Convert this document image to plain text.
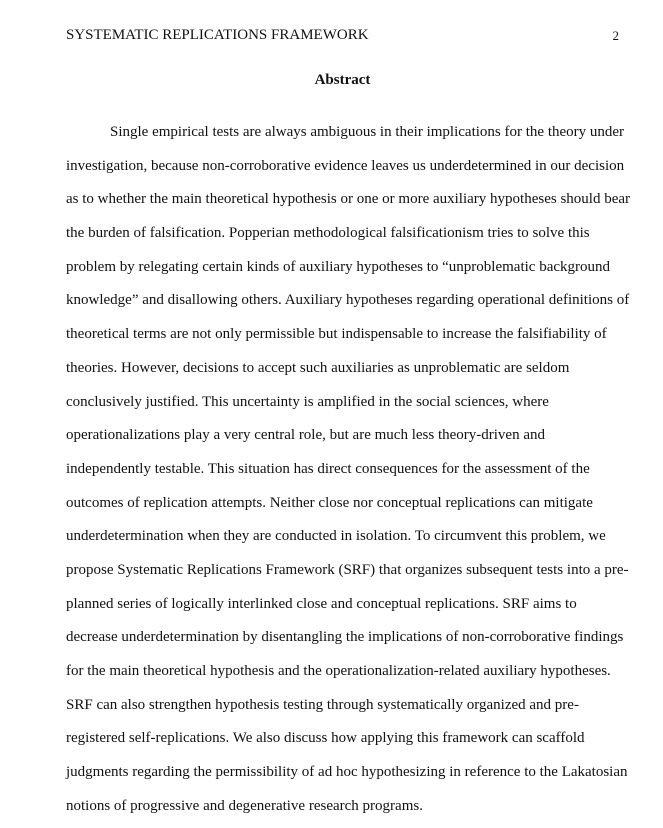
SYSTEMATIC REPLICATIONS FRAMEWORK	2
Abstract
Single empirical tests are always ambiguous in their implications for the theory under
investigation, because non-corroborative evidence leaves us underdetermined in our decision
as to whether the main theoretical hypothesis or one or more auxiliary hypotheses should bear
the burden of falsification. Popperian methodological falsificationism tries to solve this
problem by relegating certain kinds of auxiliary hypotheses to “unproblematic background
knowledge” and disallowing others. Auxiliary hypotheses regarding operational definitions of
theoretical terms are not only permissible but indispensable to increase the falsifiability of
theories. However, decisions to accept such auxiliaries as unproblematic are seldom
conclusively justified. This uncertainty is amplified in the social sciences, where
operationalizations play a very central role, but are much less theory-driven and
independently testable. This situation has direct consequences for the assessment of the
outcomes of replication attempts. Neither close nor conceptual replications can mitigate
underdetermination when they are conducted in isolation. To circumvent this problem, we
propose Systematic Replications Framework (SRF) that organizes subsequent tests into a pre-
planned series of logically interlinked close and conceptual replications. SRF aims to
decrease underdetermination by disentangling the implications of non-corroborative findings
for the main theoretical hypothesis and the operationalization-related auxiliary hypotheses.
SRF can also strengthen hypothesis testing through systematically organized and pre-
registered self-replications. We also discuss how applying this framework can scaffold
judgments regarding the permissibility of ad hoc hypothesizing in reference to the Lakatosian
notions of progressive and degenerative research programs.
